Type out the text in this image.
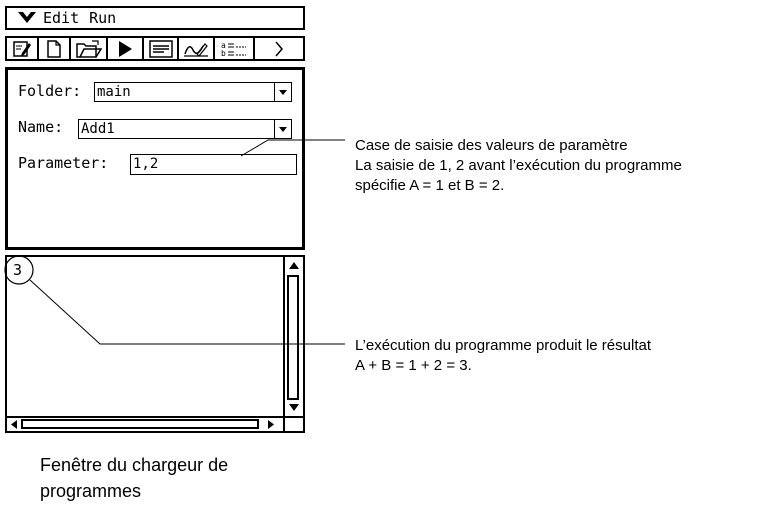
Edit Run
a
b
Folder: main
Name: Add1
Parameter: 1,2
3
Case de saisie des valeurs de paramètre
La saisie de 1, 2 avant l’exécution du programme
spécifie A = 1 et B = 2.
L’exécution du programme produit le résultat
A + B = 1 + 2 = 3.
Fenêtre du chargeur de
programmes
